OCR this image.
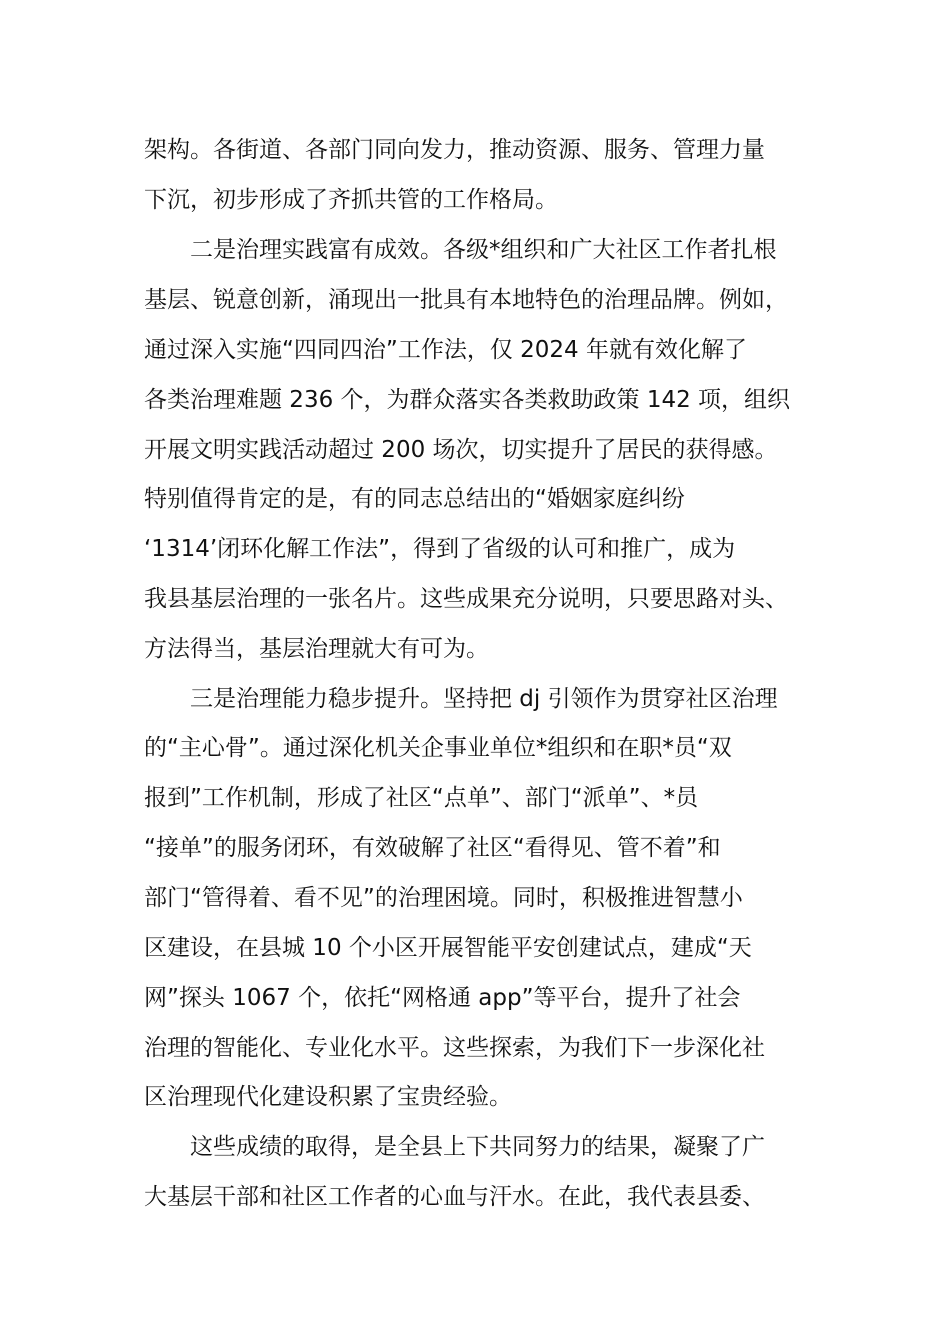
架构。各街道、各部门同向发力，推动资源、服务、管理力量
下沉，初步形成了齐抓共管的工作格局。
二是治理实践富有成效。各级*组织和广大社区工作者扎根
基层、锐意创新，涌现出一批具有本地特色的治理品牌。例如，
通过深入实施“四同四治”工作法，仅 2024 年就有效化解了
各类治理难题 236 个，为群众落实各类救助政策 142 项，组织
开展文明实践活动超过 200 场次，切实提升了居民的获得感。
特别值得肯定的是，有的同志总结出的“婚姻家庭纠纷
‘1314’闭环化解工作法”，得到了省级的认可和推广，成为
我县基层治理的一张名片。这些成果充分说明，只要思路对头、
方法得当，基层治理就大有可为。
三是治理能力稳步提升。坚持把 dj 引领作为贯穿社区治理
的“主心骨”。通过深化机关企事业单位*组织和在职*员“双
报到”工作机制，形成了社区“点单”、部门“派单”、*员
“接单”的服务闭环，有效破解了社区“看得见、管不着”和
部门“管得着、看不见”的治理困境。同时，积极推进智慧小
区建设，在县城 10 个小区开展智能平安创建试点，建成“天
网”探头 1067 个，依托“网格通 app”等平台，提升了社会
治理的智能化、专业化水平。这些探索，为我们下一步深化社
区治理现代化建设积累了宝贵经验。
这些成绩的取得，是全县上下共同努力的结果，凝聚了广
大基层干部和社区工作者的心血与汗水。在此，我代表县委、
